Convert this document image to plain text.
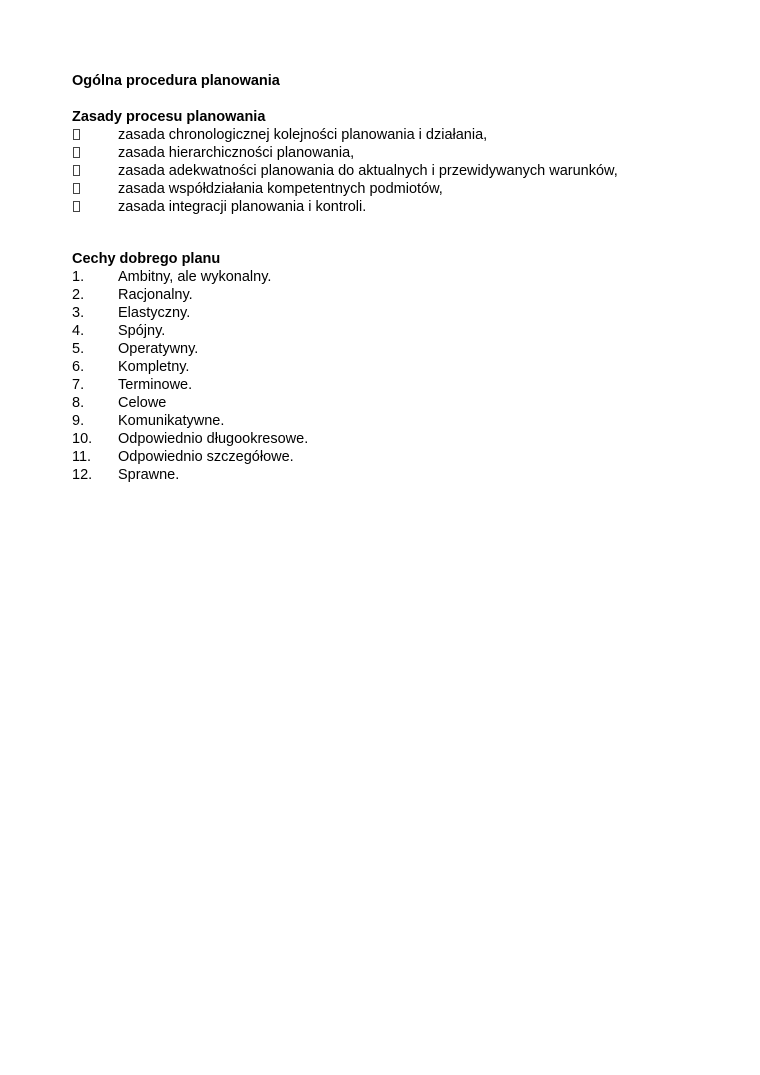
Ogólna procedura planowania

Zasady procesu planowania

zasada chronologicznej kolejności planowania i działania,
zasada hierarchiczności planowania,
zasada adekwatności planowania do aktualnych i przewidywanych warunków,
zasada współdziałania kompetentnych podmiotów,
zasada integracji planowania i kontroli.

Cechy dobrego planu

1.	Ambitny, ale wykonalny.
2.	Racjonalny.
3.	Elastyczny.
4.	Spójny.
5.	Operatywny.
6.	Kompletny.
7.	Terminowe.
8.	Celowe
9.	Komunikatywne.
10.	Odpowiednio długookresowe.
11.	Odpowiednio szczegółowe.
12.	Sprawne.
